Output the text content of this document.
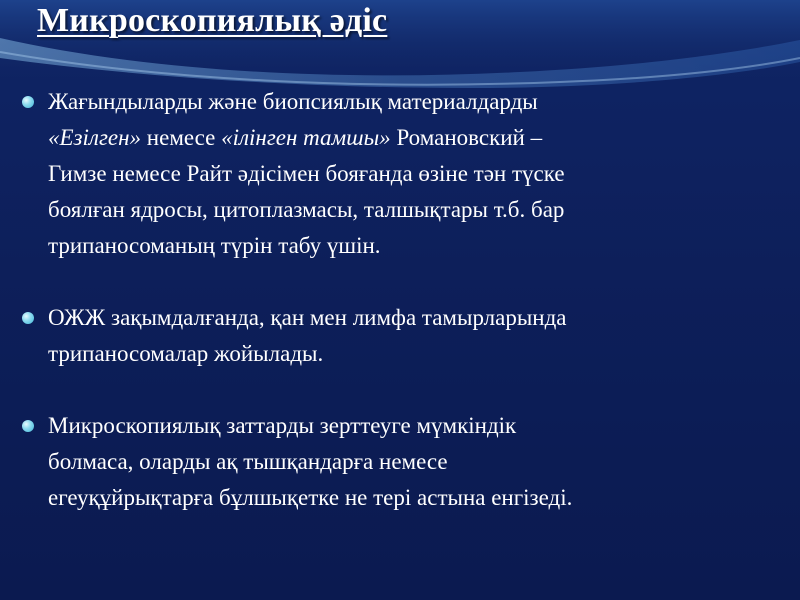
Микроскопиялық әдіс
Жағындыларды және биопсиялық материалдарды
«Езілген» немесе «ілінген тамшы» Романовский –
Гимзе немесе Райт әдісімен бояғанда өзіне тән түске
боялған ядросы, цитоплазмасы, талшықтары т.б. бар
трипаносоманың түрін табу үшін.
ОЖЖ зақымдалғанда, қан мен лимфа тамырларында
трипаносомалар жойылады.
Микроскопиялық заттарды зерттеуге мүмкіндік
болмаса, оларды ақ тышқандарға немесе
егеуқұйрықтарға бұлшықетке не тері астына енгізеді.
